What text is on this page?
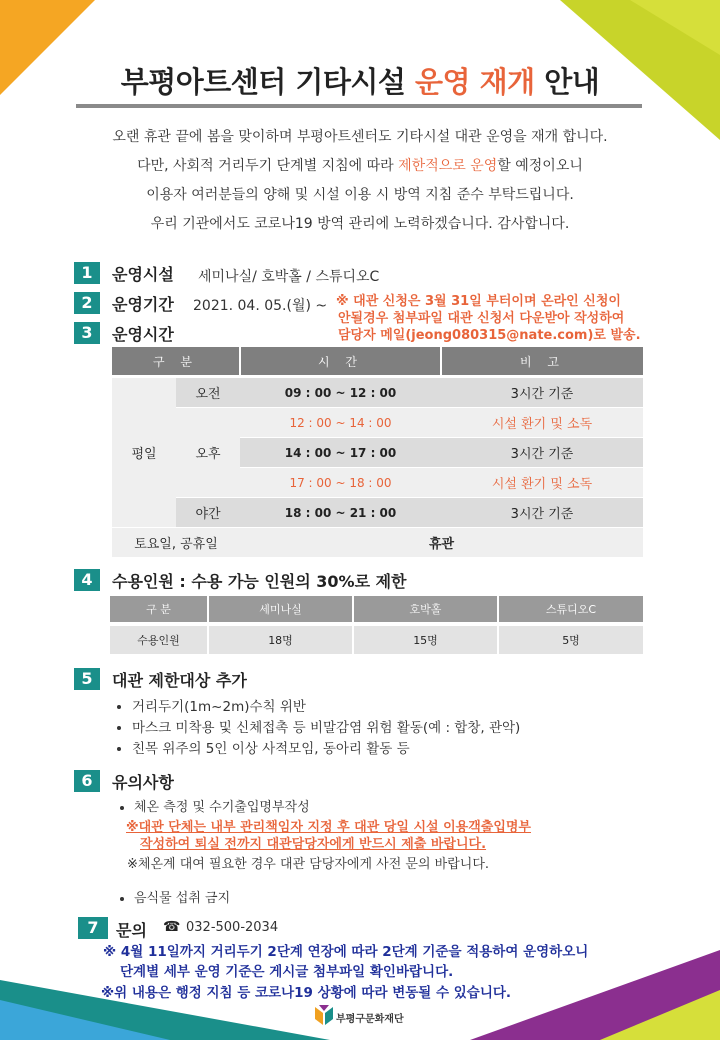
부평아트센터 기타시설 운영 재개 안내
오랜 휴관 끝에 봄을 맞이하며 부평아트센터도 기타시설 대관 운영을 재개 합니다.
다만, 사회적 거리두기 단계별 지침에 따라 제한적으로 운영할 예정이오니
이용자 여러분들의 양해 및 시설 이용 시 방역 지침 준수 부탁드립니다.
우리 기관에서도 코로나19 방역 관리에 노력하겠습니다. 감사합니다.
1	운영시설 세미나실/ 호박홀 / 스튜디오C
2	운영기간 2021. 04. 05.(월) ~ ※ 대관 신청은 3월 31일 부터이며 온라인 신청이
안될경우 첨부파일 대관 신청서 다운받아 작성하여
담당자 메일(jeong080315@nate.com)로 발송.
3	운영시간
구 분		시 간	비 고

평일	오전	09 : 00 ~ 12 : 00	3시간 기준
	오후	12 : 00 ~ 14 : 00	시설 환기 및 소독
		14 : 00 ~ 17 : 00	3시간 기준
		17 : 00 ~ 18 : 00	시설 환기 및 소독
	야간	18 : 00 ~ 21 : 00	3시간 기준
토요일, 공휴일		휴관	
4	수용인원 : 수용 가능 인원의 30%로 제한
구 분	세미나실	호박홀	스튜디오C

수용인원	18명	15명	5명
5	대관 제한대상 추가
• 거리두기(1m~2m)수칙 위반
• 마스크 미착용 및 신체접촉 등 비말감염 위험 활동(예 : 합창, 관악)
• 친목 위주의 5인 이상 사적모임, 동아리 활동 등
6	유의사항
• 체온 측정 및 수기출입명부작성
※대관 단체는 내부 관리책임자 지정 후 대관 당일 시설 이용객출입명부
작성하여 퇴실 전까지 대관담당자에게 반드시 제출 바랍니다.
※체온계 대여 필요한 경우 대관 담당자에게 사전 문의 바랍니다.
• 음식물 섭취 금지
7	문의 ☎ 032-500-2034
※ 4월 11일까지 거리두기 2단계 연장에 따라 2단계 기준을 적용하여 운영하오니
단계별 세부 운영 기준은 게시글 첨부파일 확인바랍니다.
※위 내용은 행정 지침 등 코로나19 상황에 따라 변동될 수 있습니다.
부평구문화재단
